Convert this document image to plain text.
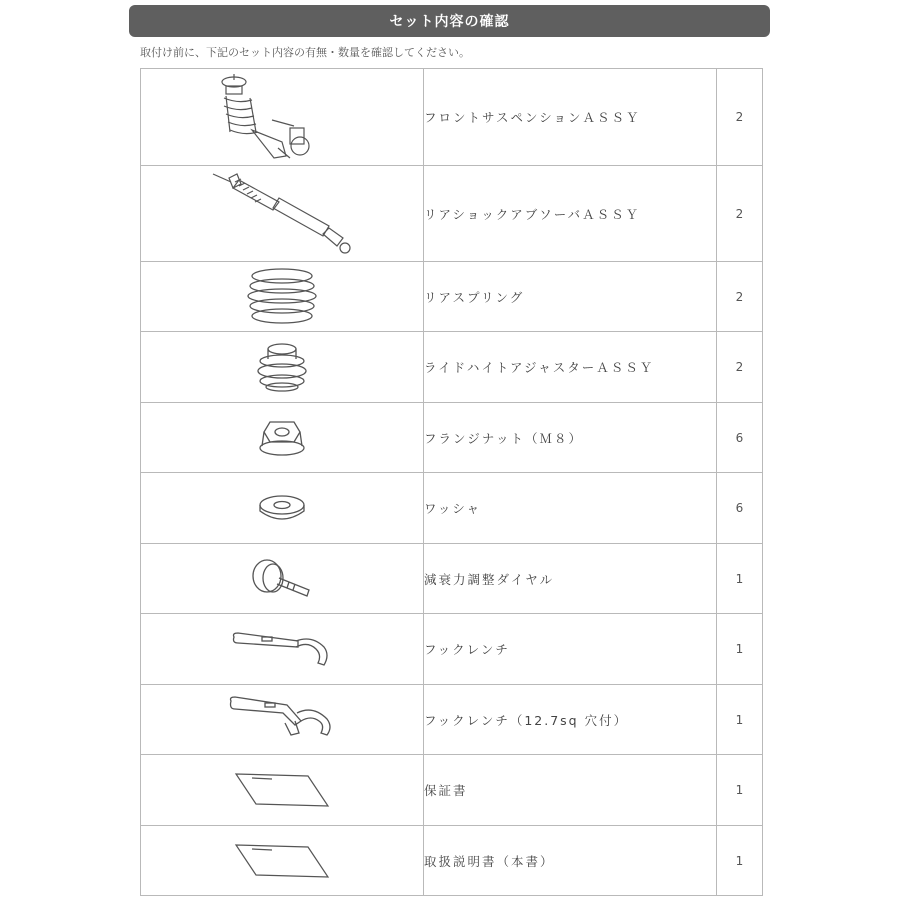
セット内容の確認
取付け前に、下記のセット内容の有無・数量を確認してください。
	フロントサスペンションＡＳＳＹ	2

	リアショックアブソーバＡＳＳＹ	2

	リアスプリング	2

	ライドハイトアジャスターＡＳＳＹ	2

	フランジナット（Ｍ８）	6

	ワッシャ	6

	減衰力調整ダイヤル	1

	フックレンチ	1

	フックレンチ（12.7sq 穴付）	1

	保証書	1

	取扱説明書（本書）	1
